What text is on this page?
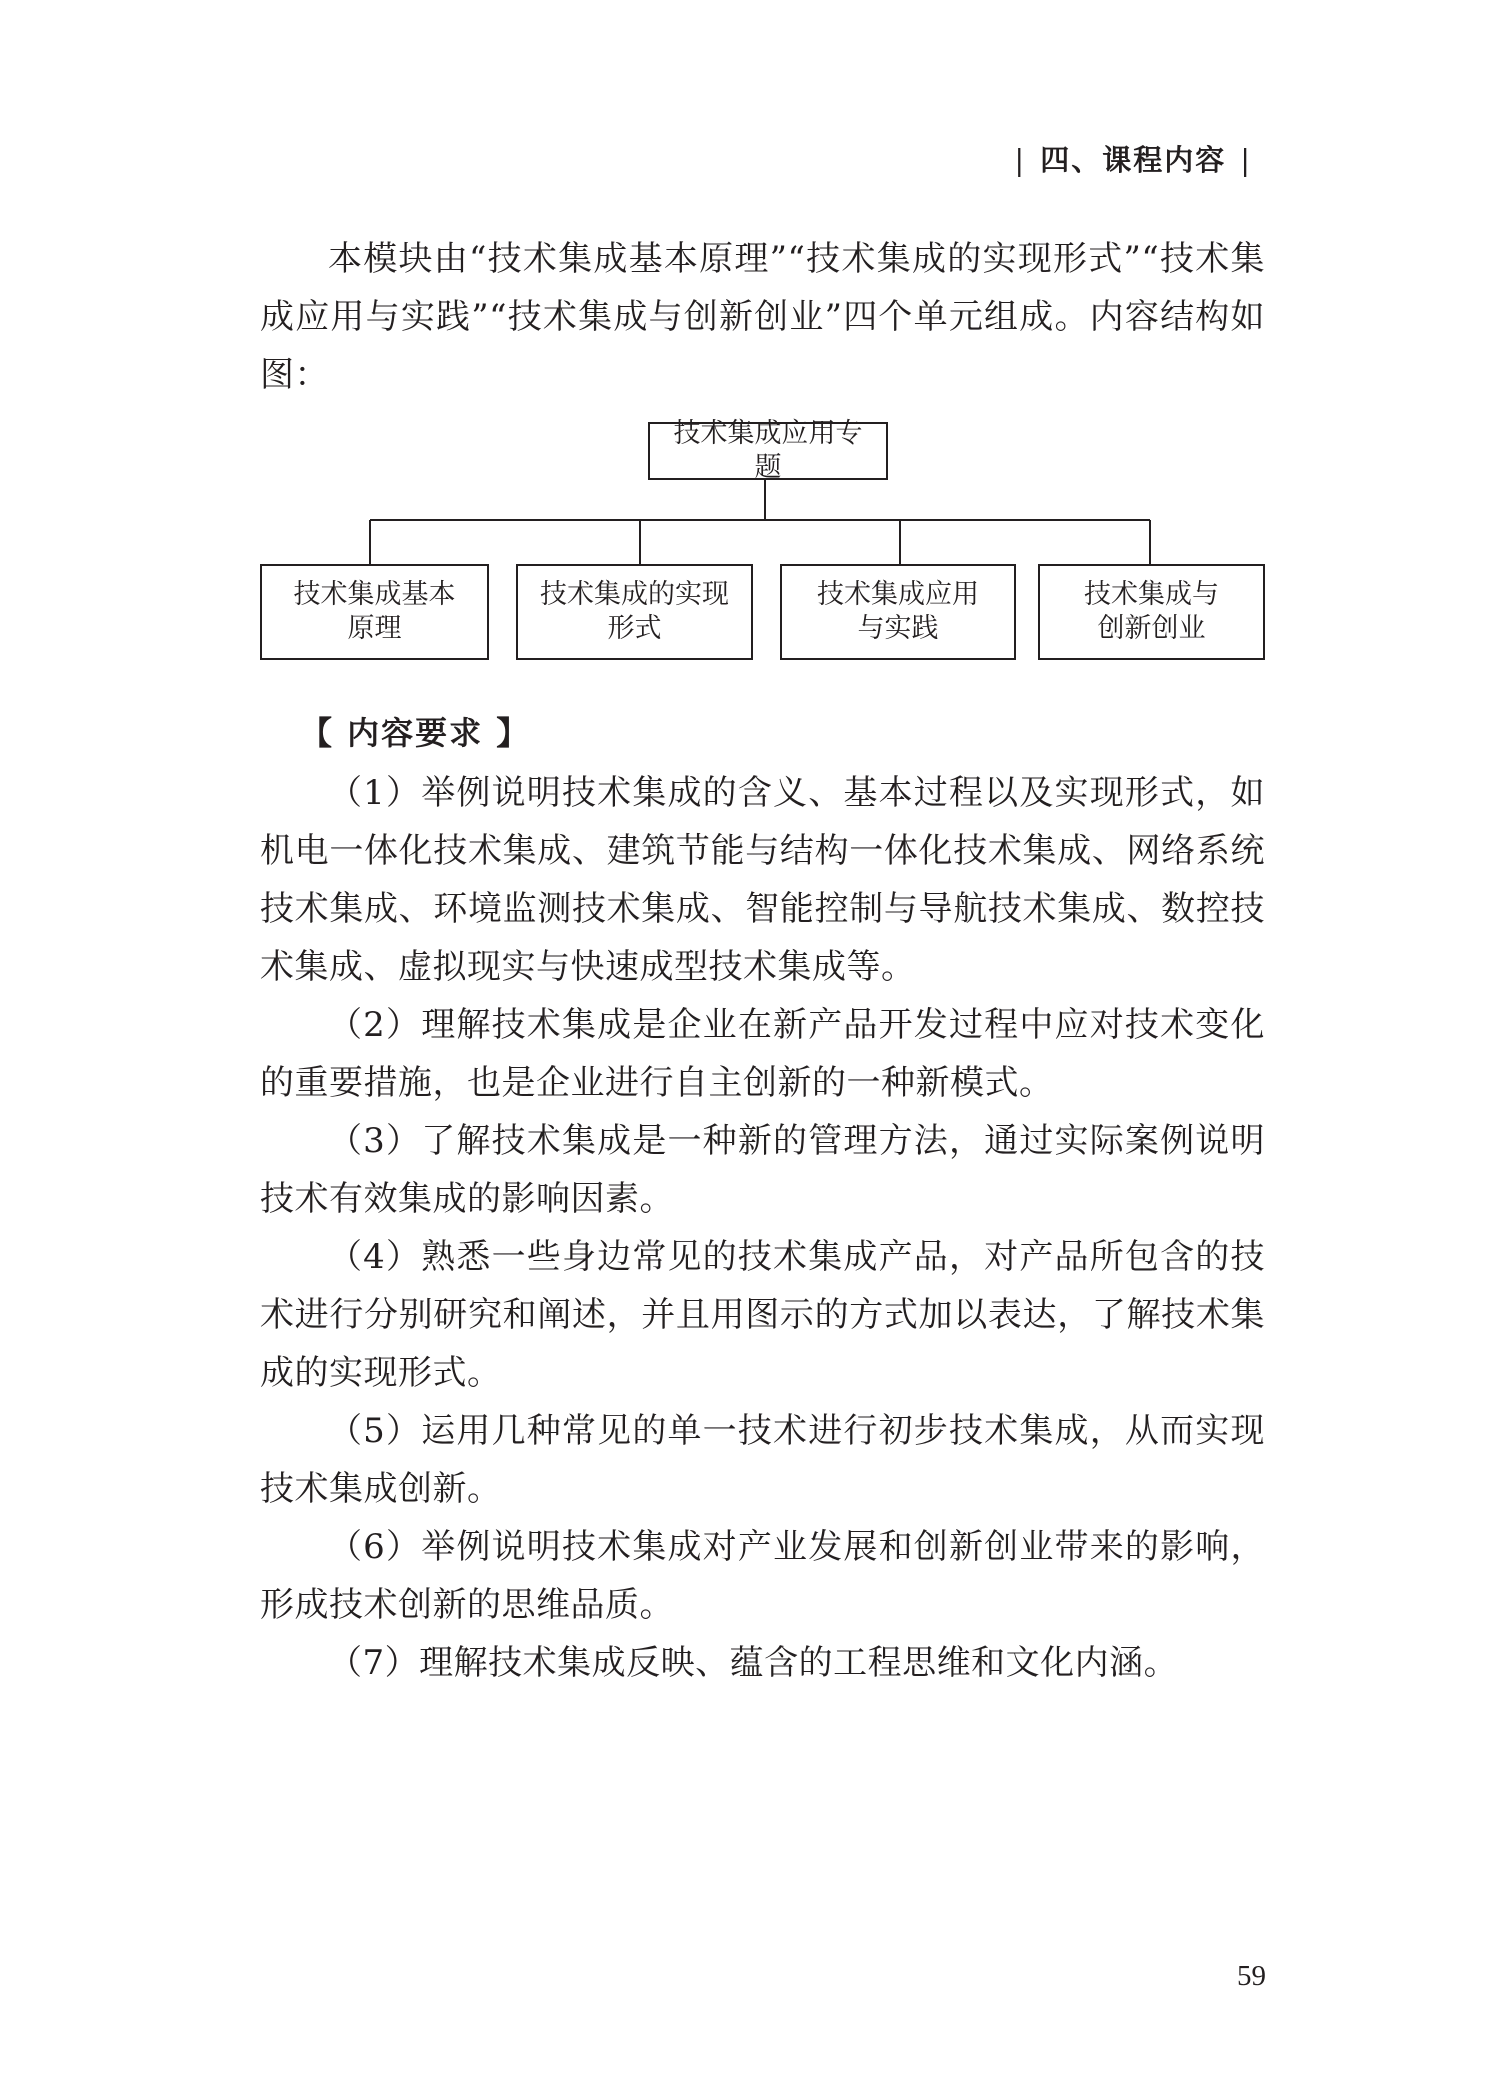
| 四、课程内容 |

本模块由“技术集成基本原理”“技术集成的实现形式”“技术集成应用与实践”“技术集成与创新创业”四个单元组成。内容结构如图：

技术集成应用专题
技术集成基本
原理
技术集成的实现
形式
技术集成应用
与实践
技术集成与
创新创业
【 内容要求 】

（1）举例说明技术集成的含义、基本过程以及实现形式，如机电一体化技术集成、建筑节能与结构一体化技术集成、网络系统技术集成、环境监测技术集成、智能控制与导航技术集成、数控技术集成、虚拟现实与快速成型技术集成等。

（2）理解技术集成是企业在新产品开发过程中应对技术变化的重要措施，也是企业进行自主创新的一种新模式。

（3）了解技术集成是一种新的管理方法，通过实际案例说明技术有效集成的影响因素。

（4）熟悉一些身边常见的技术集成产品，对产品所包含的技术进行分别研究和阐述，并且用图示的方式加以表达，了解技术集成的实现形式。

（5）运用几种常见的单一技术进行初步技术集成，从而实现技术集成创新。

（6）举例说明技术集成对产业发展和创新创业带来的影响，形成技术创新的思维品质。

（7）理解技术集成反映、蕴含的工程思维和文化内涵。

59
